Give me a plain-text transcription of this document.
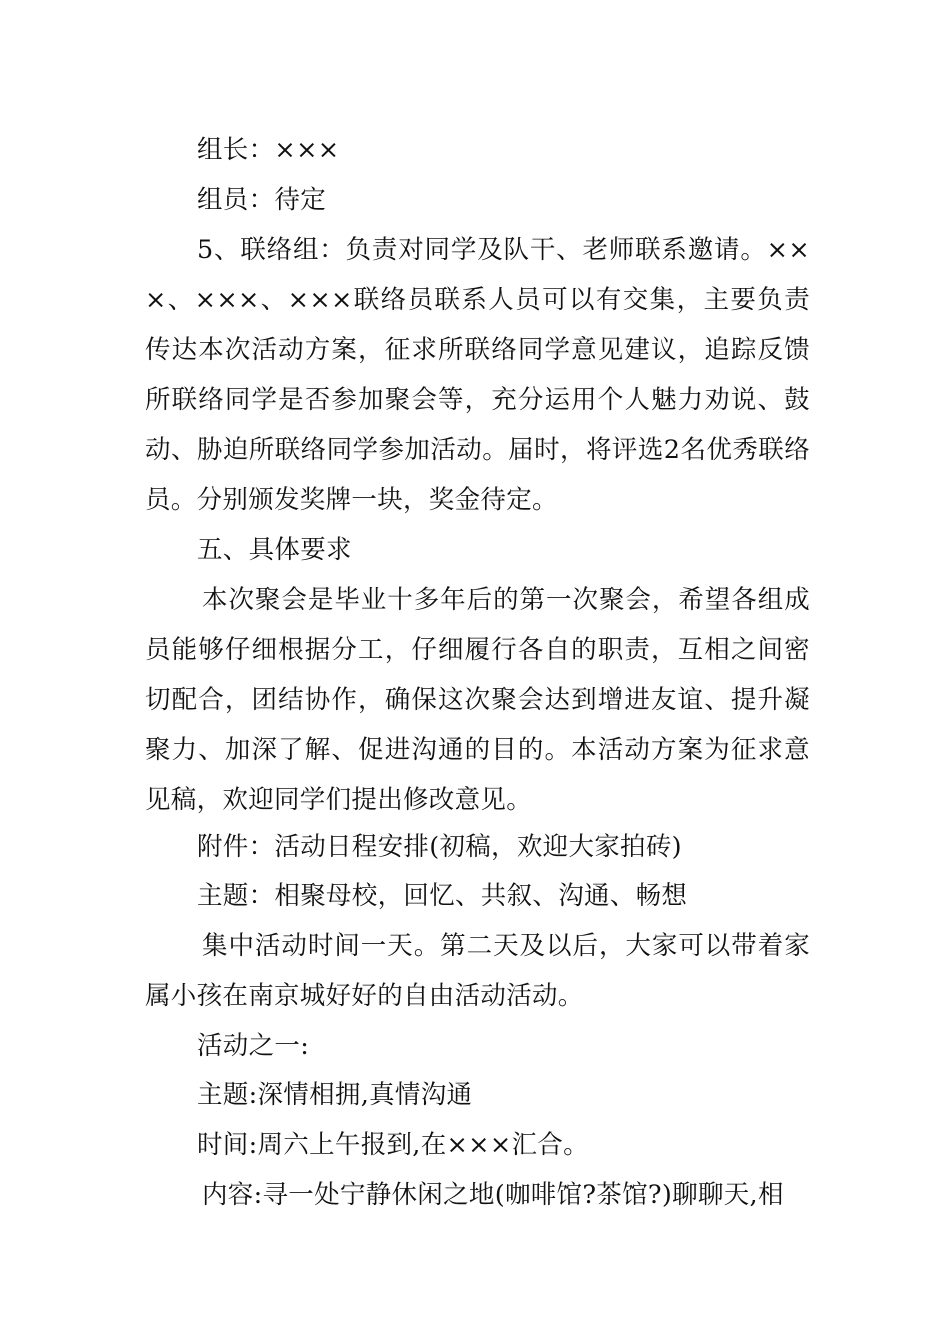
组长：×××

组员：待定

5、联络组：负责对同学及队干、老师联系邀请。×××、×××、×××联络员联系人员可以有交集，主要负责传达本次活动方案，征求所联络同学意见建议，追踪反馈所联络同学是否参加聚会等，充分运用个人魅力劝说、鼓动、胁迫所联络同学参加活动。届时，将评选2名优秀联络员。分别颁发奖牌一块，奖金待定。

五、具体要求

本次聚会是毕业十多年后的第一次聚会，希望各组成员能够仔细根据分工，仔细履行各自的职责，互相之间密切配合，团结协作，确保这次聚会达到增进友谊、提升凝聚力、加深了解、促进沟通的目的。本活动方案为征求意见稿，欢迎同学们提出修改意见。

附件：活动日程安排(初稿，欢迎大家拍砖)

主题：相聚母校，回忆、共叙、沟通、畅想

集中活动时间一天。第二天及以后，大家可以带着家属小孩在南京城好好的自由活动活动。

活动之一:

主题:深情相拥,真情沟通

时间:周六上午报到,在×××汇合。

内容:寻一处宁静休闲之地(咖啡馆?茶馆?)聊聊天,相
